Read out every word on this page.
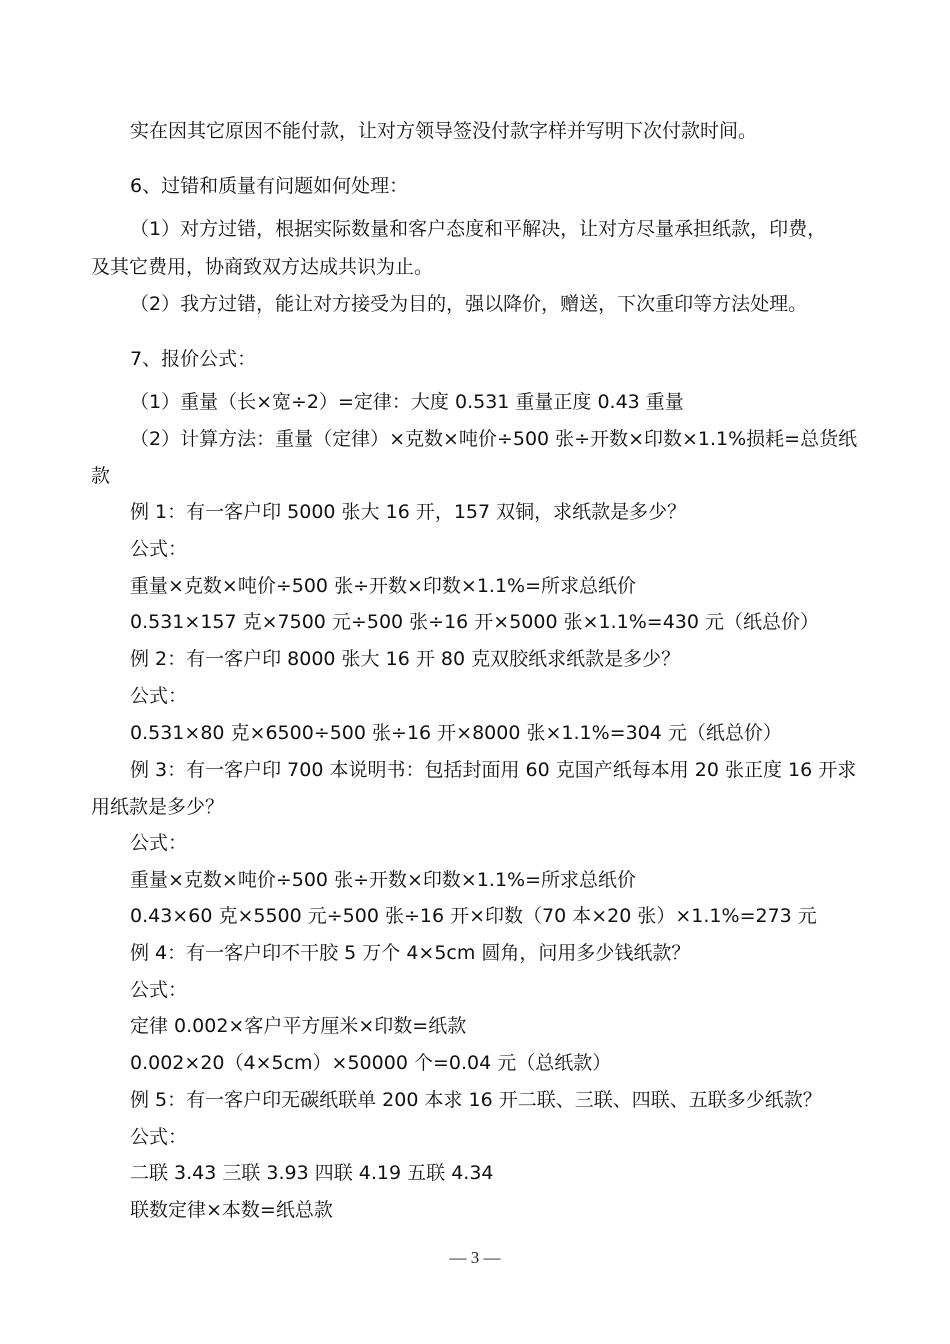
实在因其它原因不能付款，让对方领导签没付款字样并写明下次付款时间。
6、过错和质量有问题如何处理：
（1）对方过错，根据实际数量和客户态度和平解决，让对方尽量承担纸款，印费，
及其它费用，协商致双方达成共识为止。
（2）我方过错，能让对方接受为目的，强以降价，赠送，下次重印等方法处理。
7、报价公式：
（1）重量（长×宽÷2）=定律：大度 0.531 重量正度 0.43 重量
（2）计算方法：重量（定律）×克数×吨价÷500 张÷开数×印数×1.1%损耗=总货纸
款
例 1：有一客户印 5000 张大 16 开，157 双铜，求纸款是多少？
公式：
重量×克数×吨价÷500 张÷开数×印数×1.1%=所求总纸价
0.531×157 克×7500 元÷500 张÷16 开×5000 张×1.1%=430 元（纸总价）
例 2：有一客户印 8000 张大 16 开 80 克双胶纸求纸款是多少？
公式：
0.531×80 克×6500÷500 张÷16 开×8000 张×1.1%=304 元（纸总价）
例 3：有一客户印 700 本说明书：包括封面用 60 克国产纸每本用 20 张正度 16 开求
用纸款是多少？
公式：
重量×克数×吨价÷500 张÷开数×印数×1.1%=所求总纸价
0.43×60 克×5500 元÷500 张÷16 开×印数（70 本×20 张）×1.1%=273 元
例 4：有一客户印不干胶 5 万个 4×5cm 圆角，问用多少钱纸款？
公式：
定律 0.002×客户平方厘米×印数=纸款
0.002×20（4×5cm）×50000 个=0.04 元（总纸款）
例 5：有一客户印无碳纸联单 200 本求 16 开二联、三联、四联、五联多少纸款？
公式：
二联 3.43 三联 3.93 四联 4.19 五联 4.34
联数定律×本数=纸总款
— 3 —
